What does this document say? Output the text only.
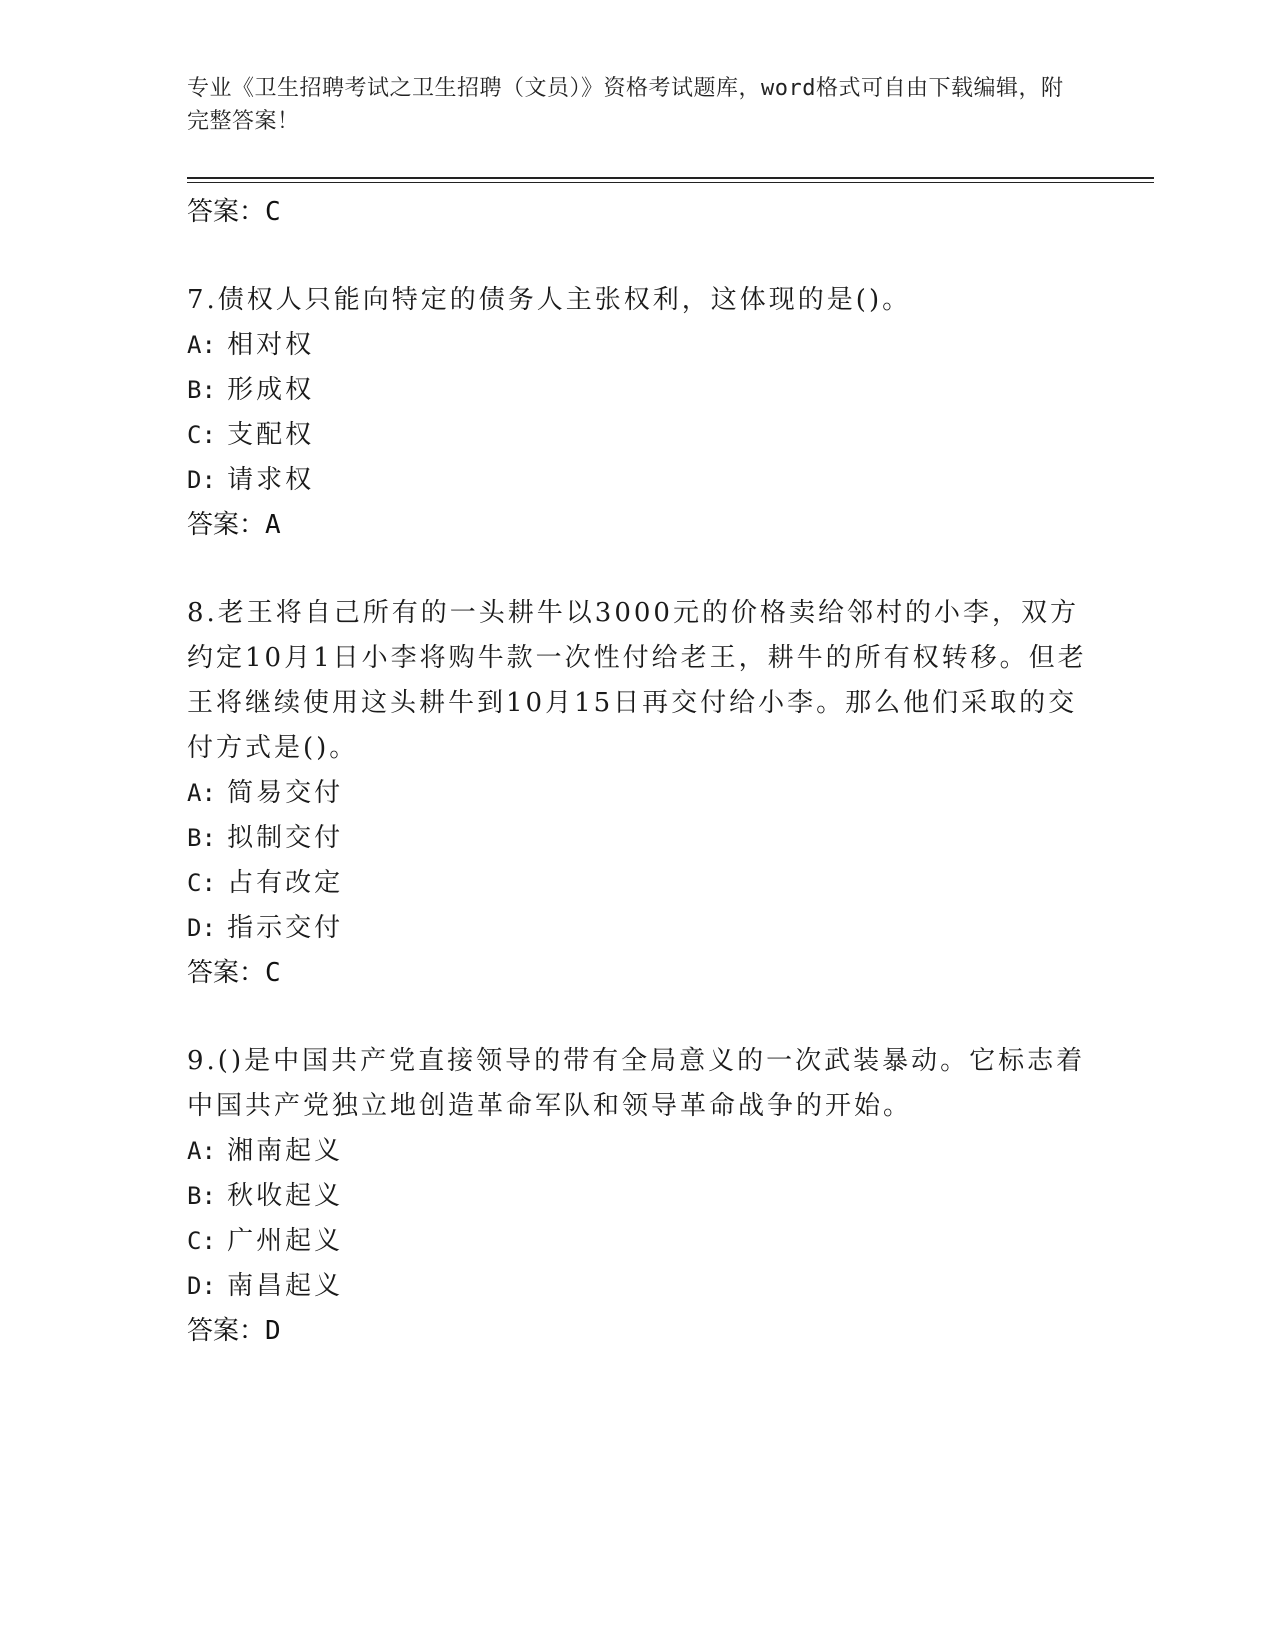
专业《卫生招聘考试之卫生招聘（文员）》资格考试题库，word格式可自由下载编辑，附完整答案！
答案：C
7.债权人只能向特定的债务人主张权利，这体现的是()。
A: 相对权
B: 形成权
C: 支配权
D: 请求权
答案：A
8.老王将自己所有的一头耕牛以3000元的价格卖给邻村的小李，双方约定10月1日小李将购牛款一次性付给老王，耕牛的所有权转移。但老王将继续使用这头耕牛到10月15日再交付给小李。那么他们采取的交付方式是()。
A: 简易交付
B: 拟制交付
C: 占有改定
D: 指示交付
答案：C
9.()是中国共产党直接领导的带有全局意义的一次武装暴动。它标志着中国共产党独立地创造革命军队和领导革命战争的开始。
A: 湘南起义
B: 秋收起义
C: 广州起义
D: 南昌起义
答案：D
